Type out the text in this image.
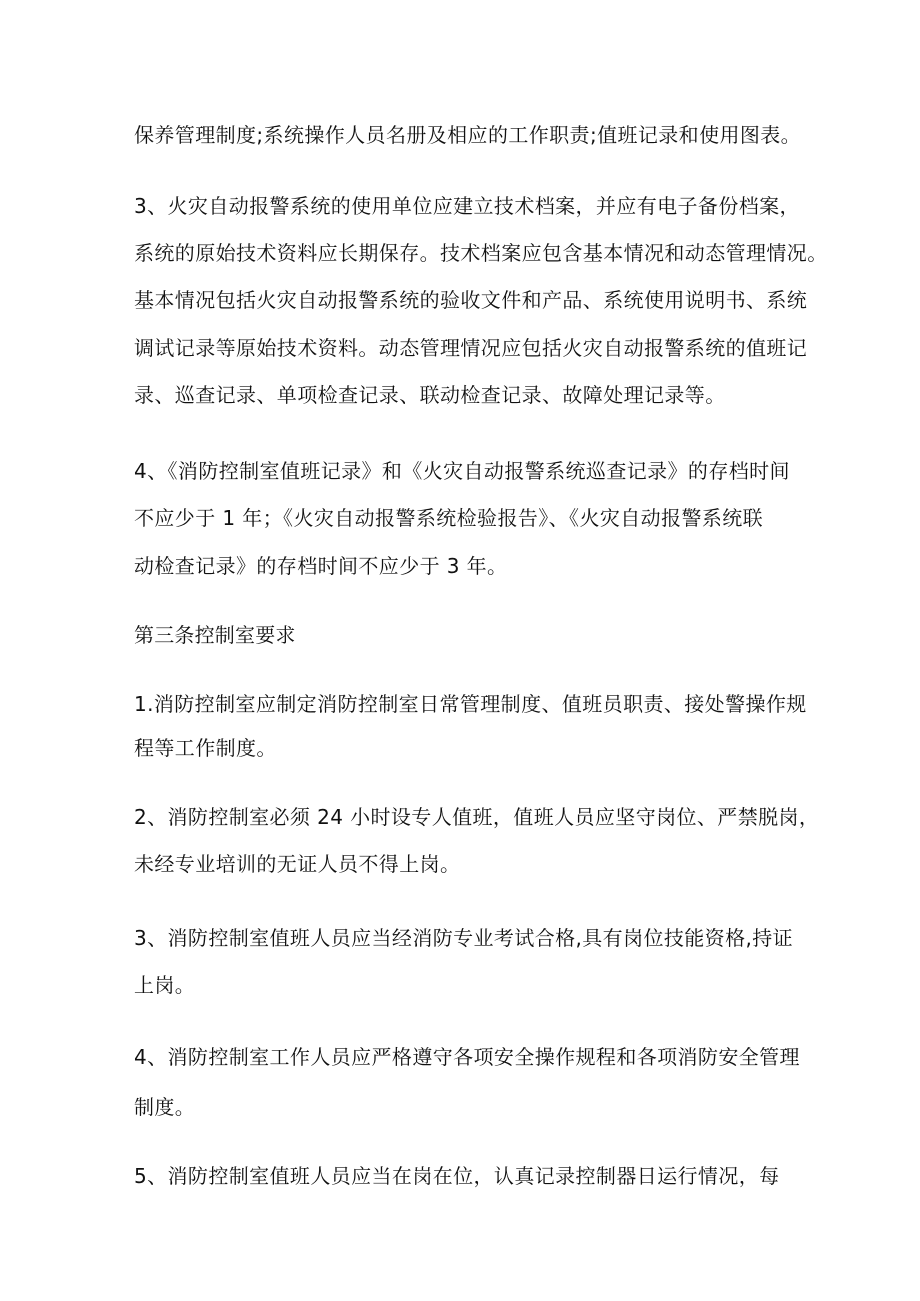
保养管理制度;系统操作人员名册及相应的工作职责;值班记录和使用图表。
3、火灾自动报警系统的使用单位应建立技术档案，并应有电子备份档案，
系统的原始技术资料应长期保存。技术档案应包含基本情况和动态管理情况。
基本情况包括火灾自动报警系统的验收文件和产品、系统使用说明书、系统
调试记录等原始技术资料。动态管理情况应包括火灾自动报警系统的值班记
录、巡查记录、单项检查记录、联动检查记录、故障处理记录等。
4、《消防控制室值班记录》和《火灾自动报警系统巡查记录》的存档时间
不应少于 1 年；《火灾自动报警系统检验报告》、《火灾自动报警系统联
动检查记录》的存档时间不应少于 3 年。
第三条控制室要求
1.消防控制室应制定消防控制室日常管理制度、值班员职责、接处警操作规
程等工作制度。
2、消防控制室必须 24 小时设专人值班，值班人员应坚守岗位、严禁脱岗，
未经专业培训的无证人员不得上岗。
3、消防控制室值班人员应当经消防专业考试合格,具有岗位技能资格,持证
上岗。
4、消防控制室工作人员应严格遵守各项安全操作规程和各项消防安全管理
制度。
5、消防控制室值班人员应当在岗在位，认真记录控制器日运行情况，每
